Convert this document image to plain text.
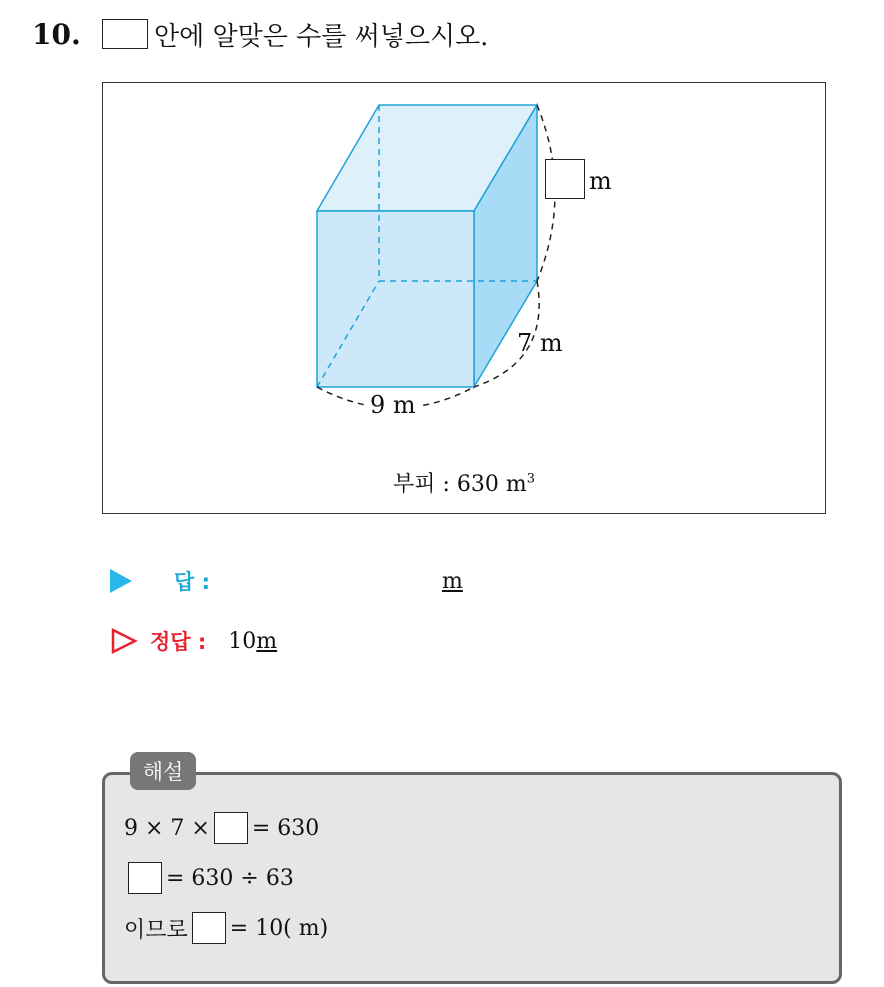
10.	안에 알맞은 수를 써넣으시오.
m
7 m
9 m
부피 : 630 $m^3$
답 :	m
정답 : 10 m
해설
9 × 7 × = 630
= 630 ÷ 63
이므로 = 10( m)
